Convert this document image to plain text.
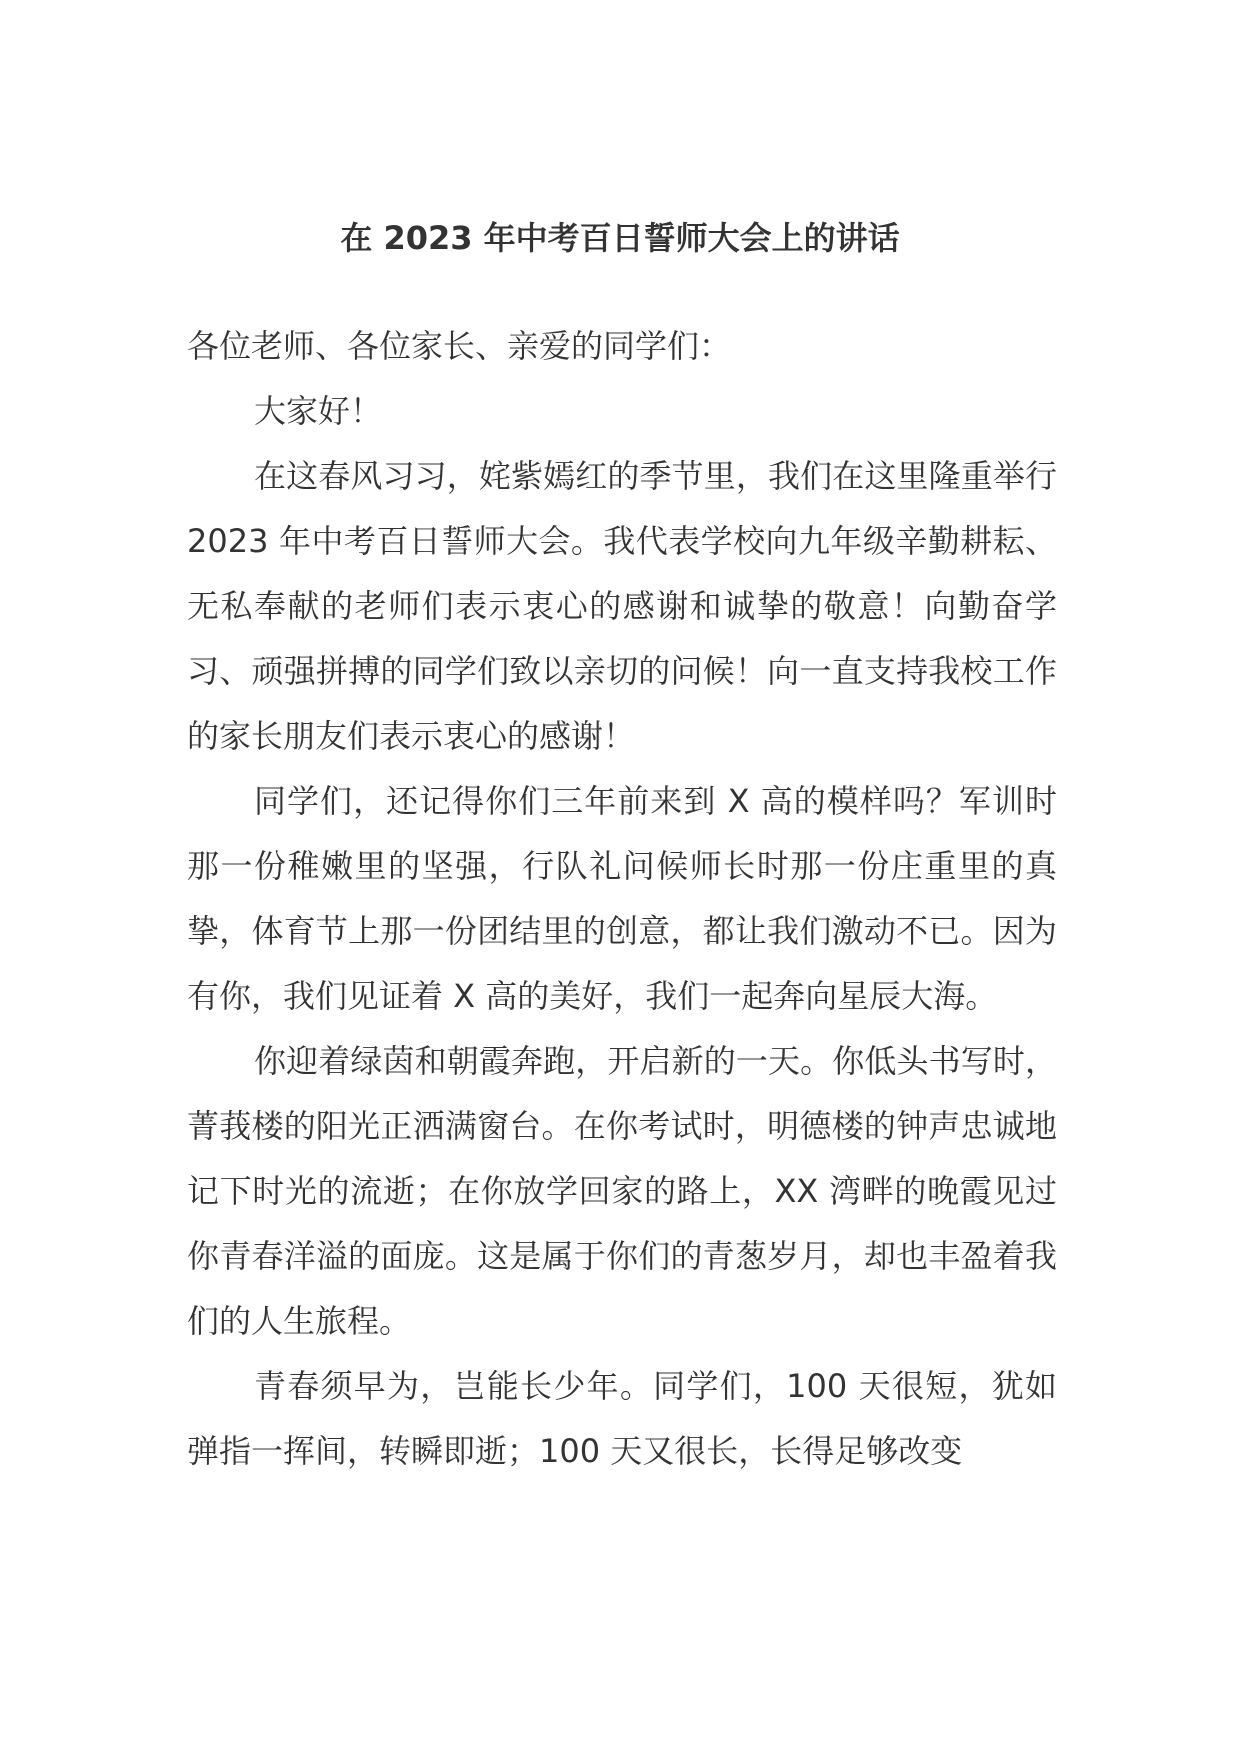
在 2023 年中考百日誓师大会上的讲话

各位老师、各位家长、亲爱的同学们：

大家好！

在这春风习习，姹紫嫣红的季节里，我们在这里隆重举行 2023 年中考百日誓师大会。我代表学校向九年级辛勤耕耘、无私奉献的老师们表示衷心的感谢和诚挚的敬意！向勤奋学习、顽强拼搏的同学们致以亲切的问候！向一直支持我校工作的家长朋友们表示衷心的感谢！

同学们，还记得你们三年前来到 X 高的模样吗？军训时那一份稚嫩里的坚强，行队礼问候师长时那一份庄重里的真挚，体育节上那一份团结里的创意，都让我们激动不已。因为有你，我们见证着 X 高的美好，我们一起奔向星辰大海。

你迎着绿茵和朝霞奔跑，开启新的一天。你低头书写时，菁莪楼的阳光正洒满窗台。在你考试时，明德楼的钟声忠诚地记下时光的流逝；在你放学回家的路上，XX 湾畔的晚霞见过你青春洋溢的面庞。这是属于你们的青葱岁月，却也丰盈着我们的人生旅程。

青春须早为，岂能长少年。同学们，100 天很短，犹如弹指一挥间，转瞬即逝；100 天又很长，长得足够改变
